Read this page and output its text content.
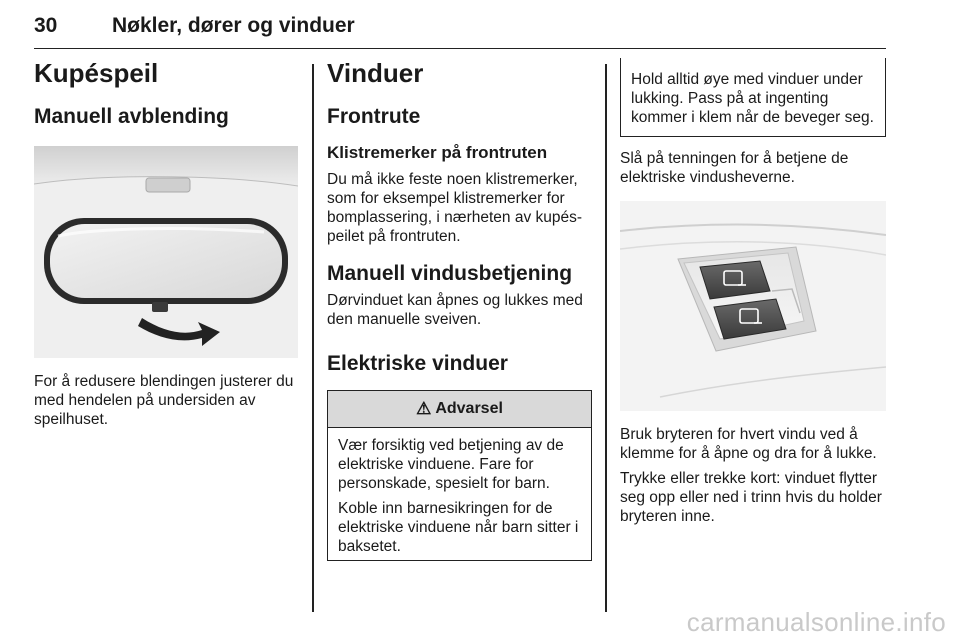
30	Nøkler, dører og vinduer
Kupéspeil
Manuell avblending

For å redusere blendingen justerer du med hendelen på undersiden av speilhuset.

Vinduer
Frontrute
Klistremerker på frontruten

Du må ikke feste noen klistremerker, som for eksempel klistremerker for bomplassering, i nærheten av kupéspeilet på frontruten.

Manuell vindusbetjening

Dørvinduet kan åpnes og lukkes med den manuelle sveiven.

Elektriske vinduer
⚠ Advarsel

Vær forsiktig ved betjening av de elektriske vinduene. Fare for personskade, spesielt for barn.

Koble inn barnesikringen for de elektriske vinduene når barn sitter i baksetet.

Hold alltid øye med vinduer under lukking. Pass på at ingenting kommer i klem når de beveger seg.

Slå på tenningen for å betjene de elektriske vindusheverne.

Bruk bryteren for hvert vindu ved å klemme for å åpne og dra for å lukke.

Trykke eller trekke kort: vinduet flytter seg opp eller ned i trinn hvis du holder bryteren inne.

carmanualsonline.info
